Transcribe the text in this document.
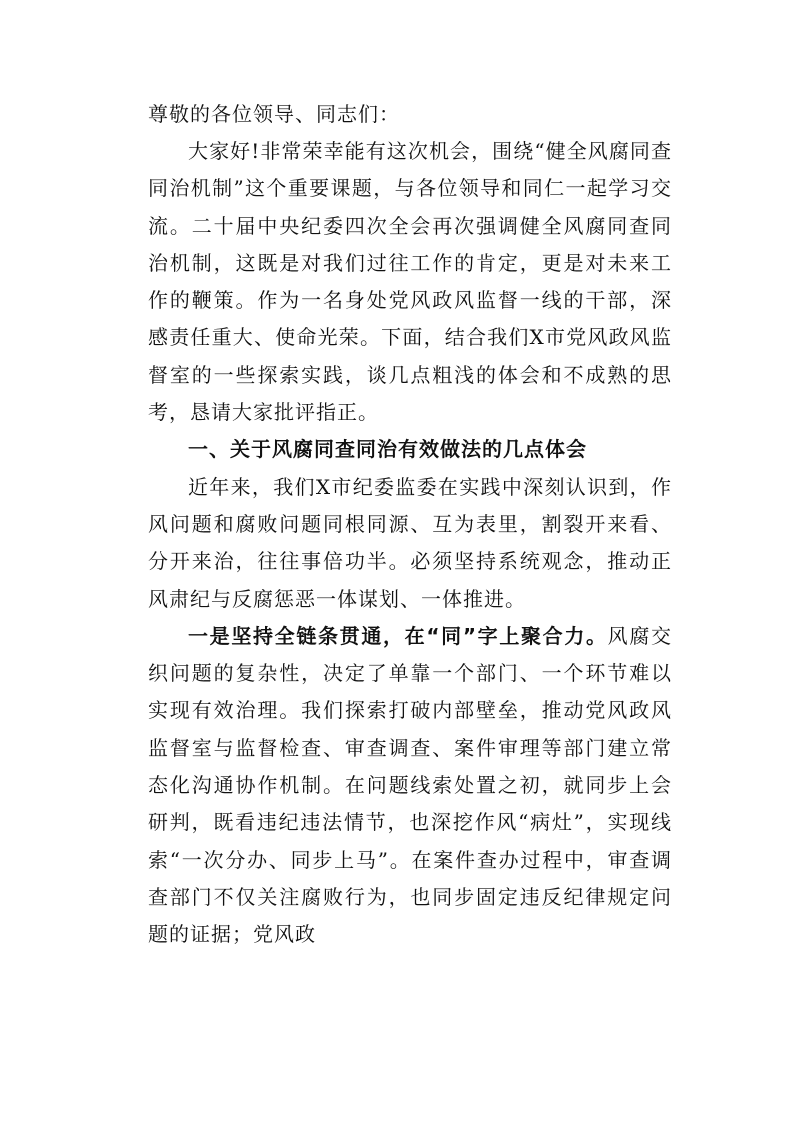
尊敬的各位领导、同志们：

大家好!非常荣幸能有这次机会，围绕“健全风腐同查同治机制”这个重要课题，与各位领导和同仁一起学习交流。二十届中央纪委四次全会再次强调健全风腐同查同治机制，这既是对我们过往工作的肯定，更是对未来工作的鞭策。作为一名身处党风政风监督一线的干部，深感责任重大、使命光荣。下面，结合我们X市党风政风监督室的一些探索实践，谈几点粗浅的体会和不成熟的思考，恳请大家批评指正。

一、关于风腐同查同治有效做法的几点体会

近年来，我们X市纪委监委在实践中深刻认识到，作风问题和腐败问题同根同源、互为表里，割裂开来看、分开来治，往往事倍功半。必须坚持系统观念，推动正风肃纪与反腐惩恶一体谋划、一体推进。

一是坚持全链条贯通，在“同”字上聚合力。风腐交织问题的复杂性，决定了单靠一个部门、一个环节难以实现有效治理。我们探索打破内部壁垒，推动党风政风监督室与监督检查、审查调查、案件审理等部门建立常态化沟通协作机制。在问题线索处置之初，就同步上会研判，既看违纪违法情节，也深挖作风“病灶”，实现线索“一次分办、同步上马”。在案件查办过程中，审查调查部门不仅关注腐败行为，也同步固定违反纪律规定问题的证据；党风政
